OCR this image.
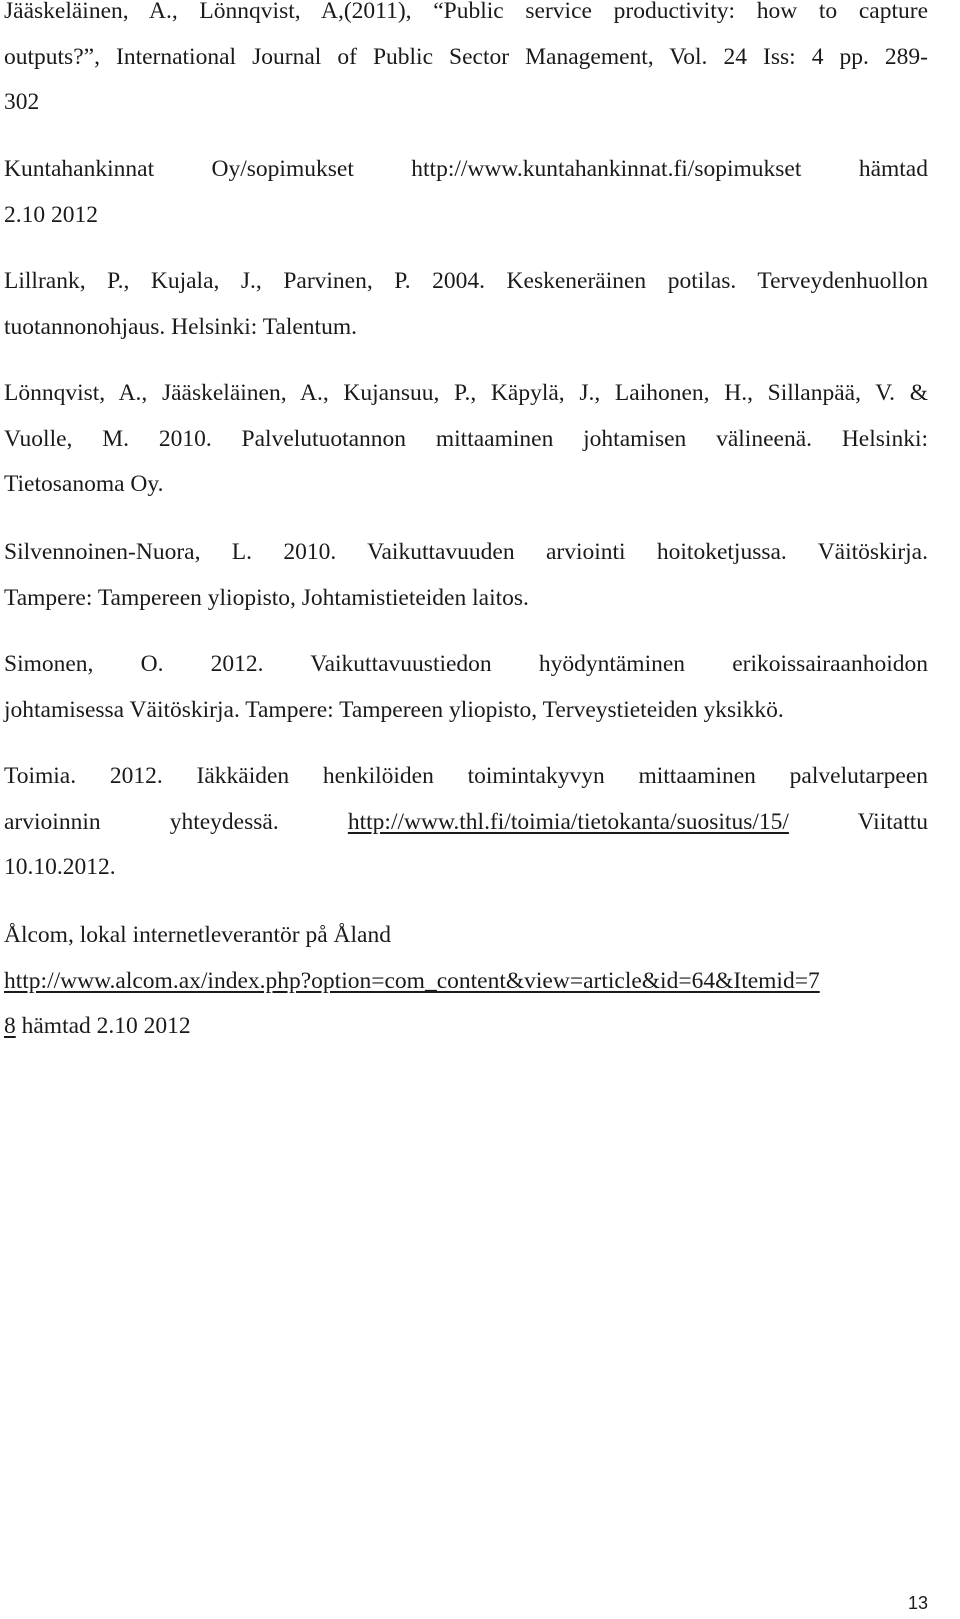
Jääskeläinen, A., Lönnqvist, A,(2011), “Public service productivity: how to capture
outputs?”, International Journal of Public Sector Management, Vol. 24 Iss: 4 pp. 289-
302

Kuntahankinnat Oy/sopimukset http://www.kuntahankinnat.fi/sopimukset hämtad
2.10 2012

Lillrank, P., Kujala, J., Parvinen, P. 2004. Keskeneräinen potilas. Terveydenhuollon
tuotannonohjaus. Helsinki: Talentum.

Lönnqvist, A., Jääskeläinen, A., Kujansuu, P., Käpylä, J., Laihonen, H., Sillanpää, V. &
Vuolle, M. 2010. Palvelutuotannon mittaaminen johtamisen välineenä. Helsinki:
Tietosanoma Oy.

Silvennoinen-Nuora, L. 2010. Vaikuttavuuden arviointi hoitoketjussa. Väitöskirja.
Tampere: Tampereen yliopisto, Johtamistieteiden laitos.

Simonen, O. 2012. Vaikuttavuustiedon hyödyntäminen erikoissairaanhoidon
johtamisessa Väitöskirja. Tampere: Tampereen yliopisto, Terveystieteiden yksikkö.

Toimia. 2012. Iäkkäiden henkilöiden toimintakyvyn mittaaminen palvelutarpeen
arvioinnin yhteydessä.	http://www.thl.fi/toimia/tietokanta/suositus/15/	Viitattu
10.10.2012.

Ålcom, lokal internetleverantör på Åland
http://www.alcom.ax/index.php?option=com_content&view=article&id=64&Itemid=7
8 hämtad 2.10 2012

13
